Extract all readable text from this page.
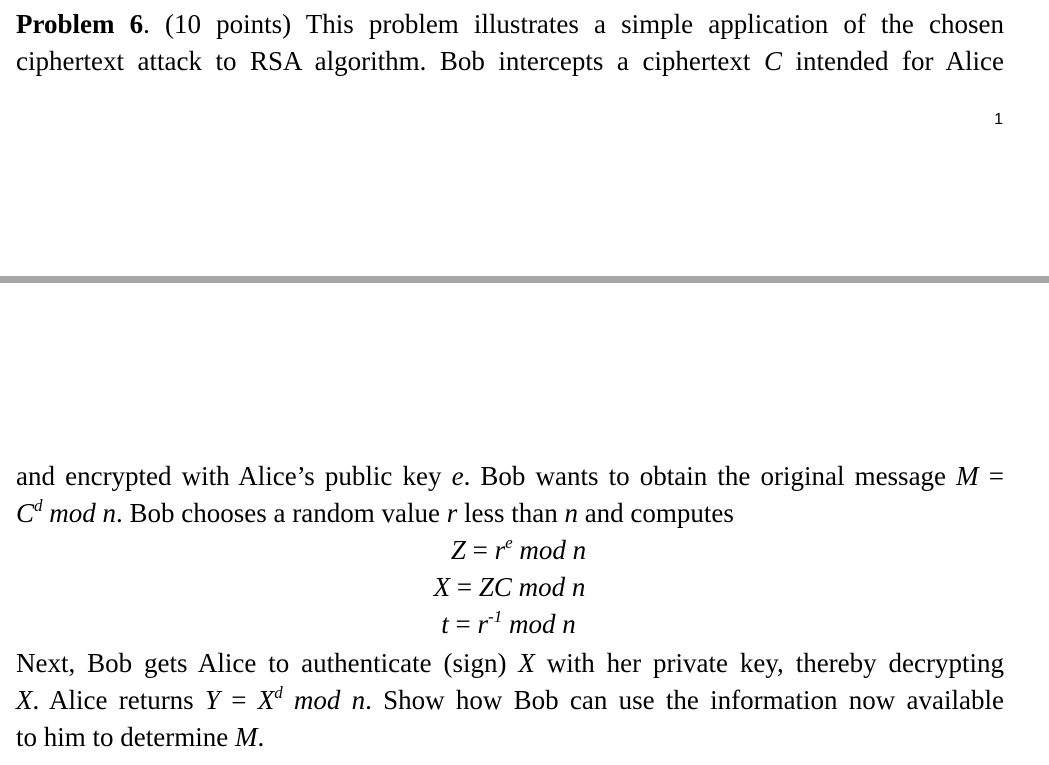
Problem 6. (10 points) This problem illustrates a simple application of the chosen
ciphertext attack to RSA algorithm. Bob intercepts a ciphertext C intended for Alice

1

and encrypted with Alice’s public key e. Bob wants to obtain the original message M =
$C^d$ mod n. Bob chooses a random value r less than n and computes

$Z = r^e$ mod n
X = ZC mod n
$t = r^{-1}$ mod n

Next, Bob gets Alice to authenticate (sign) X with her private key, thereby decrypting
X. Alice returns $Y = X^d$ mod n. Show how Bob can use the information now available
to him to determine M.
